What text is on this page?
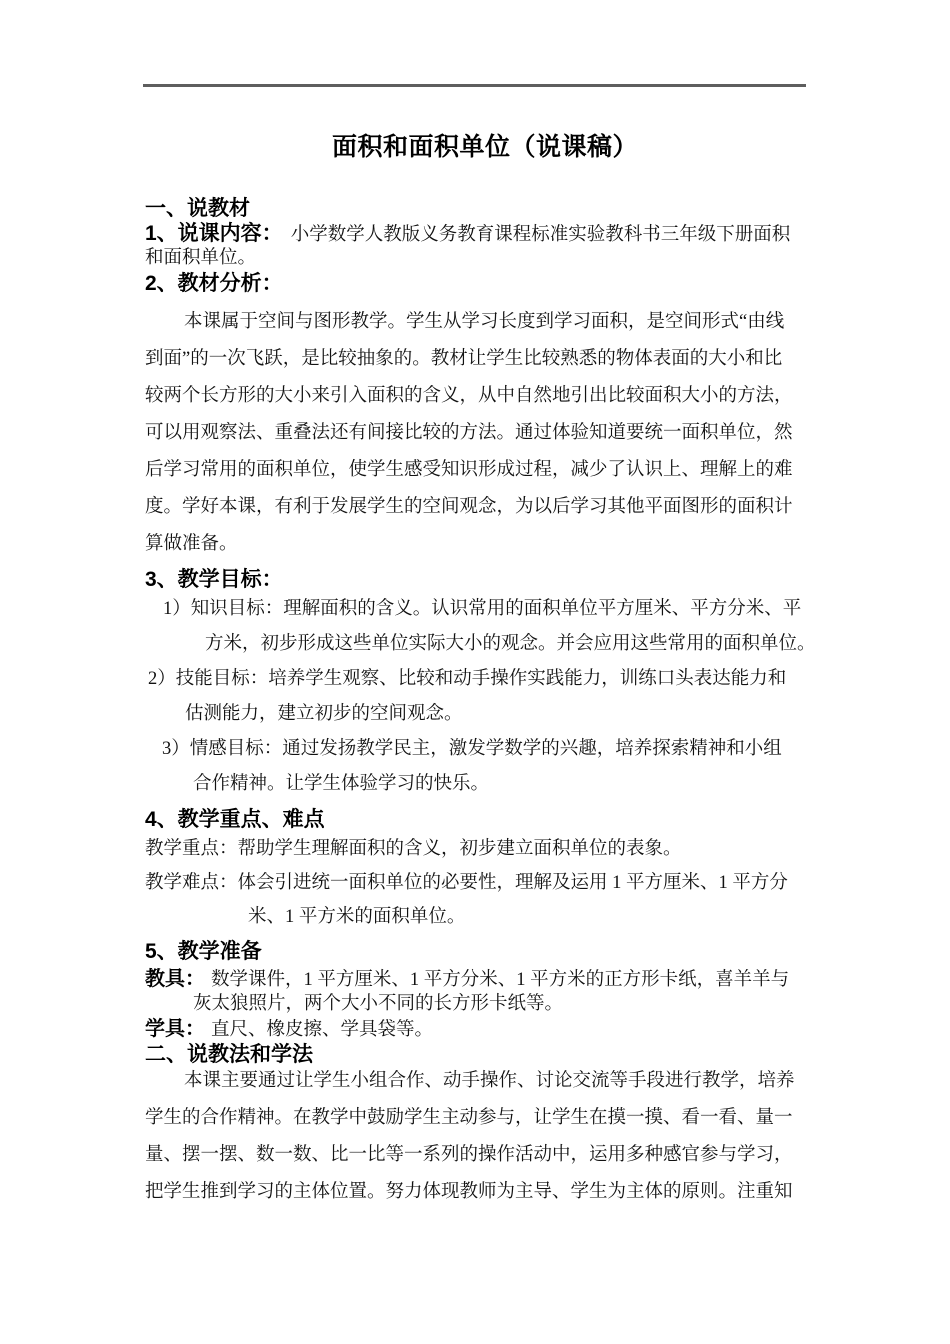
面积和面积单位（说课稿）
一、说教材
1、说课内容： 小学数学人教版义务教育课程标准实验教科书三年级下册面积
和面积单位。
2、教材分析：
本课属于空间与图形教学。学生从学习长度到学习面积，是空间形式“由线
到面”的一次飞跃，是比较抽象的。教材让学生比较熟悉的物体表面的大小和比
较两个长方形的大小来引入面积的含义，从中自然地引出比较面积大小的方法，
可以用观察法、重叠法还有间接比较的方法。通过体验知道要统一面积单位，然
后学习常用的面积单位，使学生感受知识形成过程，减少了认识上、理解上的难
度。学好本课，有利于发展学生的空间观念，为以后学习其他平面图形的面积计
算做准备。
3、教学目标：
1）知识目标：理解面积的含义。认识常用的面积单位平方厘米、平方分米、平
方米，初步形成这些单位实际大小的观念。并会应用这些常用的面积单位。
2）技能目标：培养学生观察、比较和动手操作实践能力，训练口头表达能力和
估测能力，建立初步的空间观念。
3）情感目标：通过发扬教学民主，激发学数学的兴趣，培养探索精神和小组
合作精神。让学生体验学习的快乐。
4、教学重点、难点
教学重点：帮助学生理解面积的含义，初步建立面积单位的表象。
教学难点：体会引进统一面积单位的必要性，理解及运用 1 平方厘米、1 平方分
米、1 平方米的面积单位。
5、教学准备
教具： 数学课件，1 平方厘米、1 平方分米、1 平方米的正方形卡纸，喜羊羊与
灰太狼照片，两个大小不同的长方形卡纸等。
学具： 直尺、橡皮擦、学具袋等。
二、说教法和学法
本课主要通过让学生小组合作、动手操作、讨论交流等手段进行教学，培养
学生的合作精神。在教学中鼓励学生主动参与，让学生在摸一摸、看一看、量一
量、摆一摆、数一数、比一比等一系列的操作活动中，运用多种感官参与学习，
把学生推到学习的主体位置。努力体现教师为主导、学生为主体的原则。注重知
